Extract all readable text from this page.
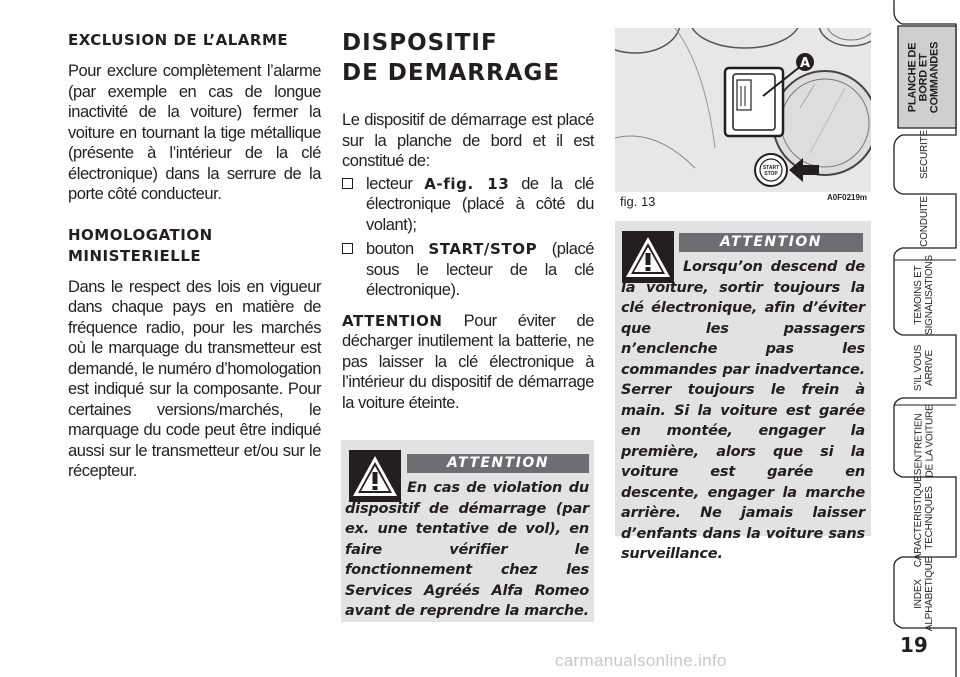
EXCLUSION DE L’ALARME

Pour exclure complètement l’alarme (par exemple en cas de longue inactivité de la voiture) fermer la voiture en tournant la tige métallique (présente à l’intérieur de la clé électronique) dans la serrure de la porte côté conducteur.

HOMOLOGATION
MINISTERIELLE

Dans le respect des lois en vigueur dans chaque pays en matière de fréquence radio, pour les marchés où le marquage du transmetteur est demandé, le numéro d’homologation est indiqué sur la composante. Pour certaines versions/marchés, le marquage du code peut être indiqué aussi sur le transmetteur et/ou sur le récepteur.

DISPOSITIF
DE DEMARRAGE

Le dispositif de démarrage est placé sur la planche de bord et il est constitué de:

lecteur A-fig. 13 de la clé électronique (placé à côté du volant);
bouton START/STOP (placé sous le lecteur de la clé électronique).

ATTENTION Pour éviter de décharger inutilement la batterie, ne pas laisser la clé électronique à l’intérieur du dispositif de démarrage la voiture éteinte.

ATTENTION

En cas de violation du dispositif de démarrage (par ex. une tentative de vol), en faire vérifier le fonctionnement chez les Services Agréés Alfa Romeo avant de reprendre la marche.

A
START
STOP
fig. 13	A0F0219m
ATTENTION

Lorsqu’on descend de la voiture, sortir toujours la clé électronique, afin d’éviter que les passagers n’enclenche pas les commandes par inadvertance. Serrer toujours le frein à main. Si la voiture est garée en montée, engager la première, alors que si la voiture est garée en descente, engager la marche arrière. Ne jamais laisser d’enfants dans la voiture sans surveillance.

PLANCHE DE
BORD ET
COMMANDES
SECURITE
CONDUITE
TEMOINS ET
SIGNALISATIONS
S’IL VOUS
ARRIVE
ENTRETIEN
DE LA VOITURE
CARACTERISTIQUES
TECHNIQUES
INDEX
ALPHABETIQUE
19
carmanualsonline.info
